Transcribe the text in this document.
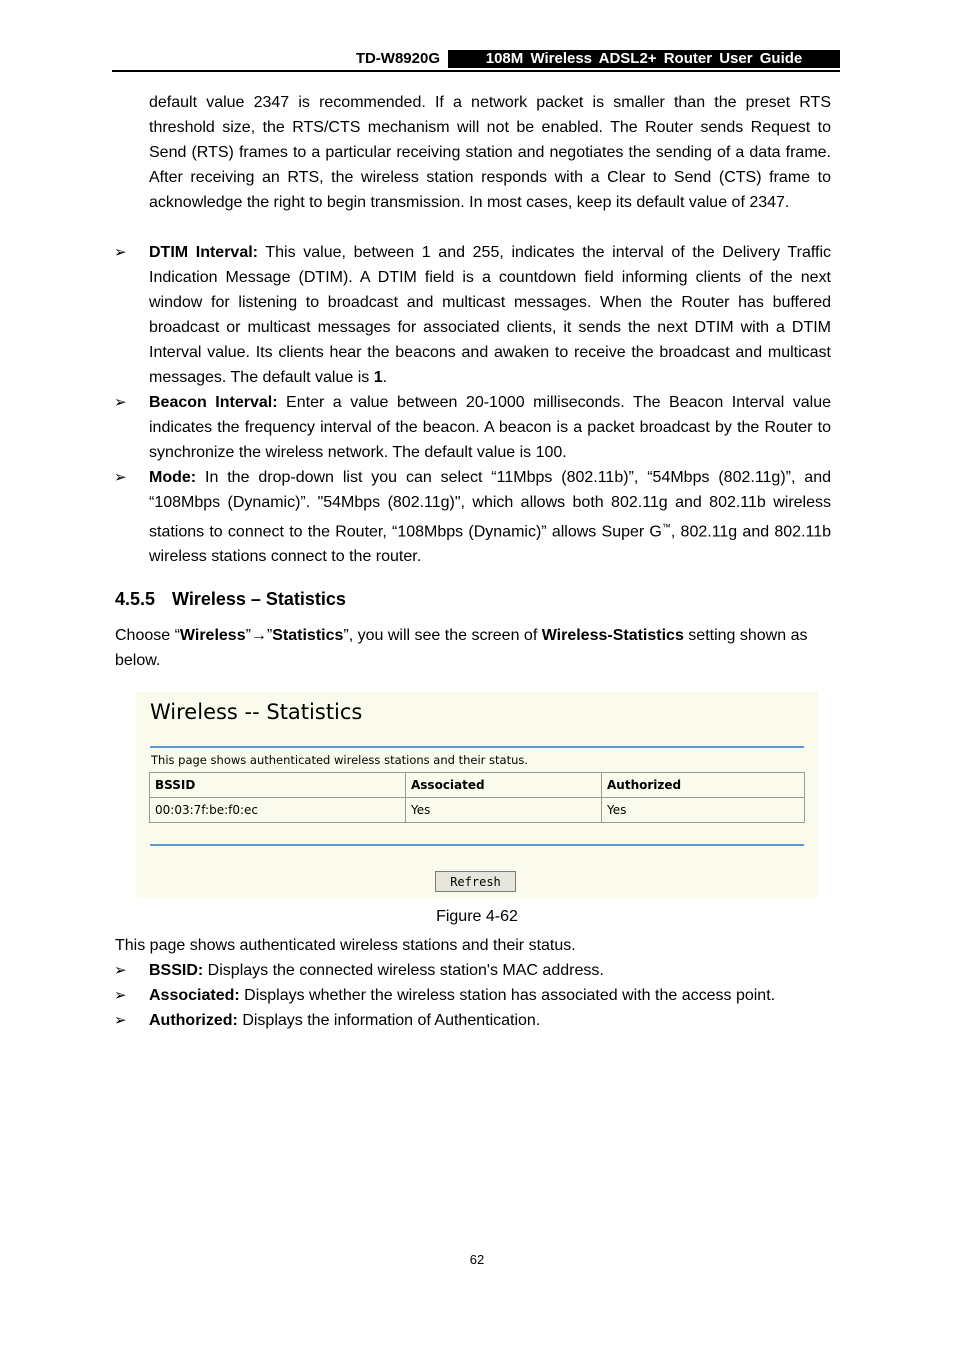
TD-W8920G	108M Wireless ADSL2+ Router User Guide
default value 2347 is recommended. If a network packet is smaller than the preset RTS threshold size, the RTS/CTS mechanism will not be enabled. The Router sends Request to Send (RTS) frames to a particular receiving station and negotiates the sending of a data frame. After receiving an RTS, the wireless station responds with a Clear to Send (CTS) frame to acknowledge the right to begin transmission. In most cases, keep its default value of 2347.
➢ DTIM Interval: This value, between 1 and 255, indicates the interval of the Delivery Traffic Indication Message (DTIM). A DTIM field is a countdown field informing clients of the next window for listening to broadcast and multicast messages. When the Router has buffered broadcast or multicast messages for associated clients, it sends the next DTIM with a DTIM Interval value. Its clients hear the beacons and awaken to receive the broadcast and multicast messages. The default value is 1.
➢ Beacon Interval: Enter a value between 20-1000 milliseconds. The Beacon Interval value indicates the frequency interval of the beacon. A beacon is a packet broadcast by the Router to synchronize the wireless network. The default value is 100.
➢ Mode: In the drop-down list you can select “11Mbps (802.11b)”, “54Mbps (802.11g)”, and “108Mbps (Dynamic)”. "54Mbps (802.11g)", which allows both 802.11g and 802.11b wireless stations to connect to the Router, “108Mbps (Dynamic)” allows Super G™, 802.11g and 802.11b wireless stations connect to the router.
4.5.5 Wireless – Statistics
Choose “Wireless”→”Statistics”, you will see the screen of Wireless-Statistics setting shown as below.
Wireless -- Statistics
This page shows authenticated wireless stations and their status.
BSSID	Associated	Authorized
00:03:7f:be:f0:ec	Yes	Yes
Refresh
Figure 4-62
This page shows authenticated wireless stations and their status.
➢ BSSID: Displays the connected wireless station's MAC address.
➢ Associated: Displays whether the wireless station has associated with the access point.
➢ Authorized: Displays the information of Authentication.
62
